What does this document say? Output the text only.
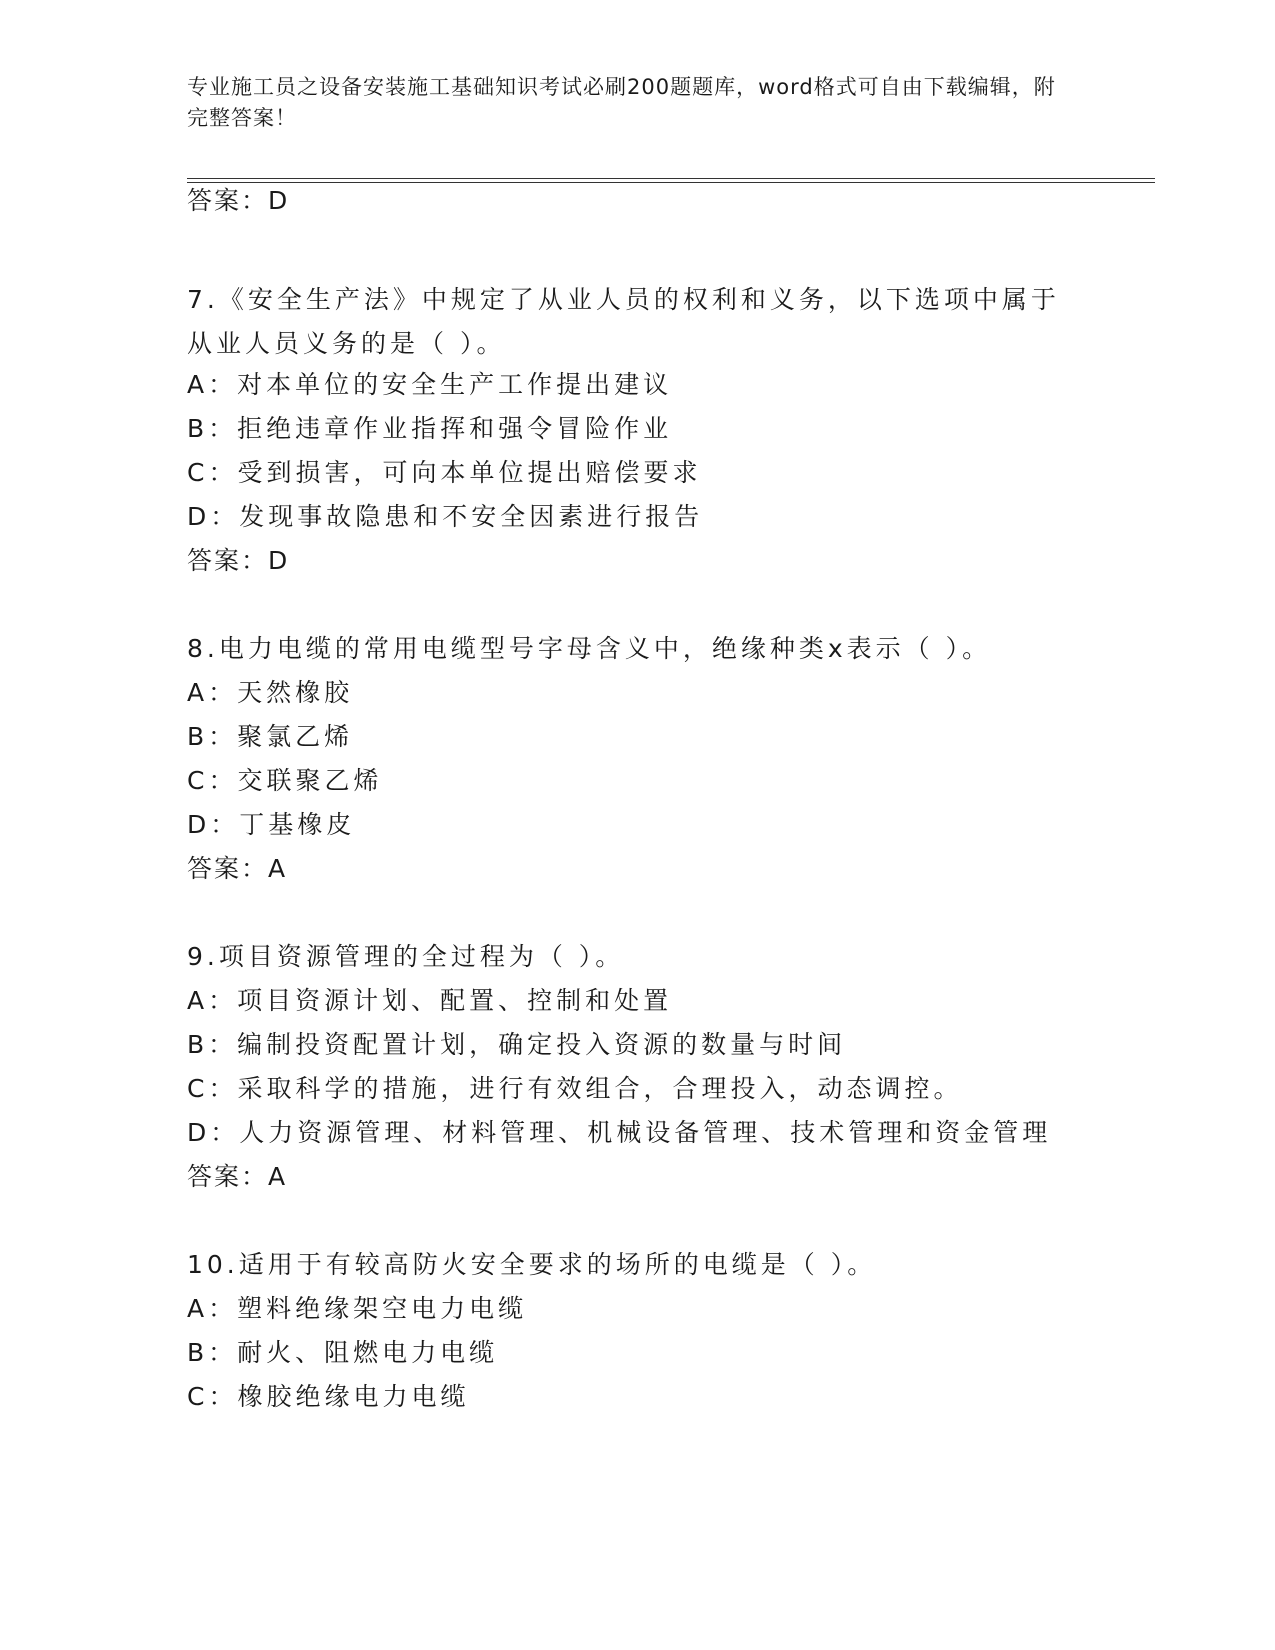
专业施工员之设备安装施工基础知识考试必刷200题题库，word格式可自由下载编辑，附完整答案！
答案：D
7.《安全生产法》中规定了从业人员的权利和义务，以下选项中属于从业人员义务的是（ ）。
A：对本单位的安全生产工作提出建议
B：拒绝违章作业指挥和强令冒险作业
C：受到损害，可向本单位提出赔偿要求
D：发现事故隐患和不安全因素进行报告
答案：D
8.电力电缆的常用电缆型号字母含义中，绝缘种类x表示（ ）。
A：天然橡胶
B：聚氯乙烯
C：交联聚乙烯
D：丁基橡皮
答案：A
9.项目资源管理的全过程为（ ）。
A：项目资源计划、配置、控制和处置
B：编制投资配置计划，确定投入资源的数量与时间
C：采取科学的措施，进行有效组合，合理投入，动态调控。
D：人力资源管理、材料管理、机械设备管理、技术管理和资金管理
答案：A
10.适用于有较高防火安全要求的场所的电缆是（ ）。
A：塑料绝缘架空电力电缆
B：耐火、阻燃电力电缆
C：橡胶绝缘电力电缆
